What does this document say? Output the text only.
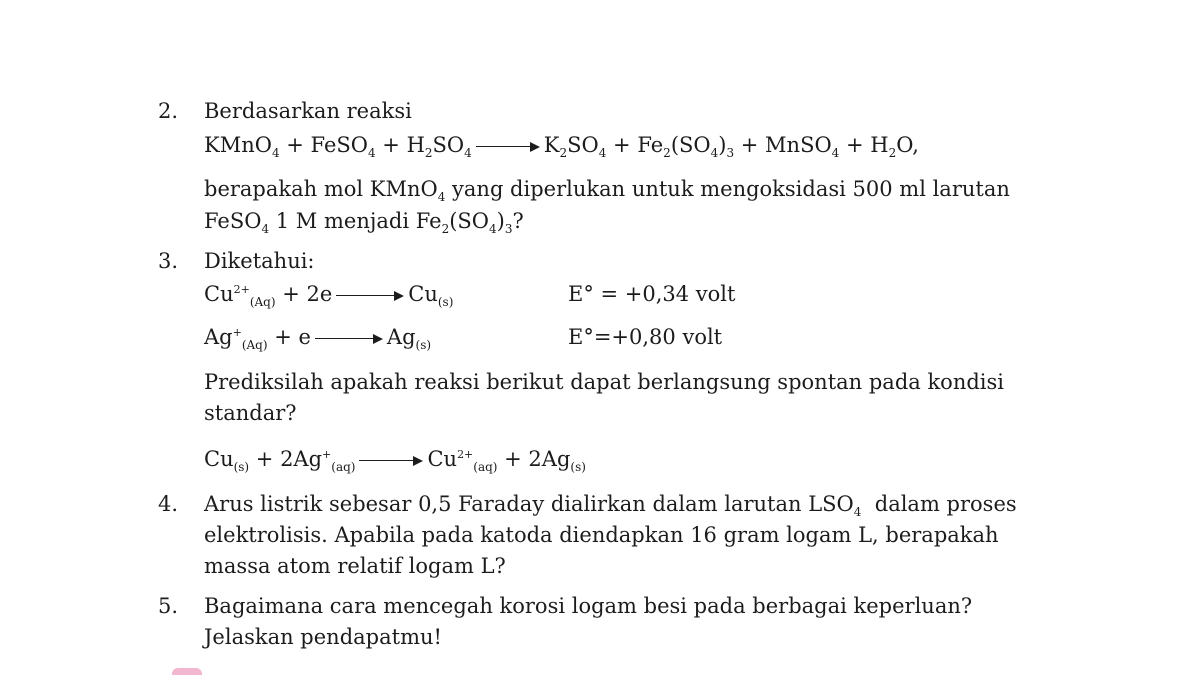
2. Berdasarkan reaksi
KMnO$_4$ + FeSO$_4$ + $H_2SO_4$	$K_2SO_4 + Fe_2(SO_4)_3$ + MnSO$_4$ + $H_2O$,
berapakah mol KMnO$_4$ yang diperlukan untuk mengoksidasi 500 ml larutan
FeSO$_4$ 1 M menjadi $Fe_2(SO_4)_3$?
3. Diketahui:
$Cu^{2+}_{(Aq)} + 2e$	$Cu_{(s)}$	E° = +0,34 volt
$Ag^+_{(Aq)} + e$	$Ag_{(s)}$	E°=+0,80 volt
Prediksilah apakah reaksi berikut dapat berlangsung spontan pada kondisi
standar?
$Cu_{(s)} + 2Ag^+_{(aq)}$	$Cu^{2+}_{(aq)} + 2Ag_{(s)}$
4. Arus listrik sebesar 0,5 Faraday dialirkan dalam larutan $LSO_4$  dalam proses
elektrolisis. Apabila pada katoda diendapkan 16 gram logam L, berapakah
massa atom relatif logam L?
5. Bagaimana cara mencegah korosi logam besi pada berbagai keperluan?
Jelaskan pendapatmu!
